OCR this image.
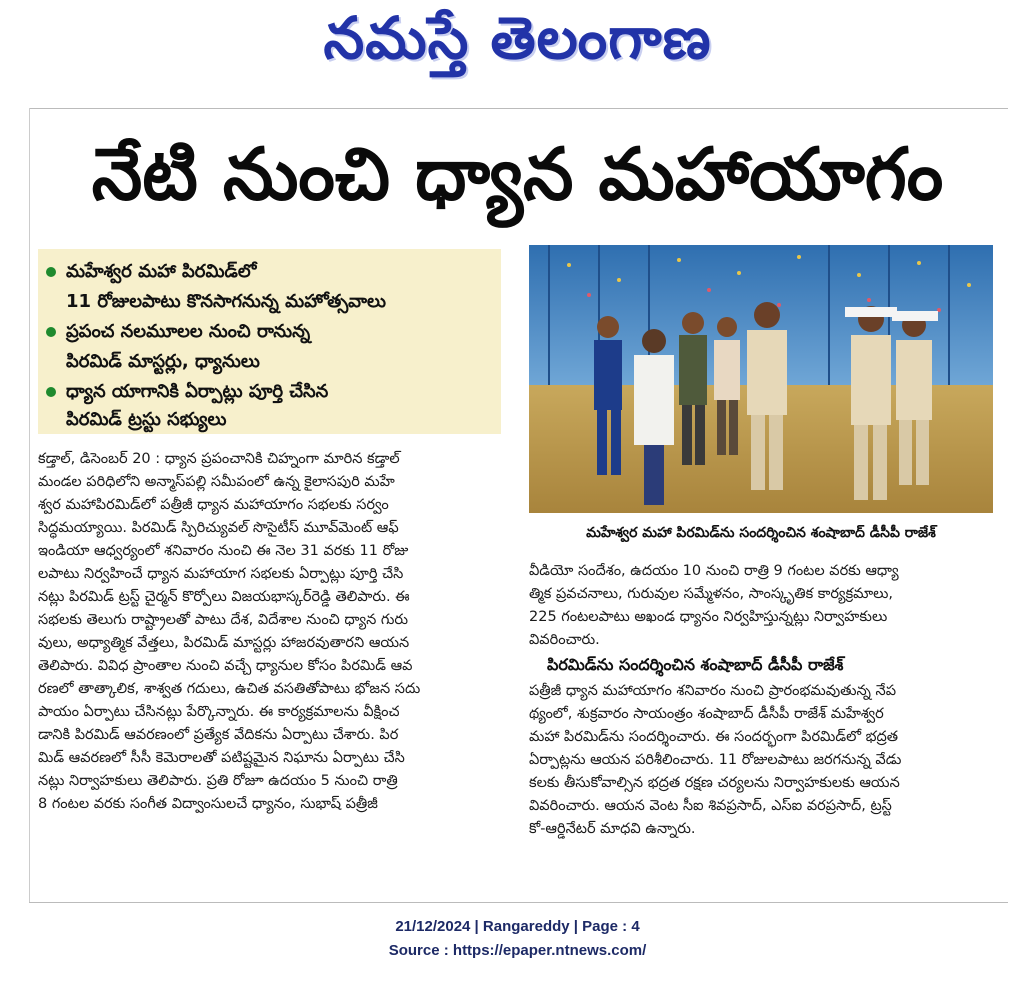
నమస్తే తెలంగాణ
నేటి నుంచి ధ్యాన మహాయాగం
మహేశ్వర మహా పిరమిడ్‌లో
11 రోజులపాటు కొనసాగనున్న మహోత్సవాలు
ప్రపంచ నలమూలల నుంచి రానున్న
పిరమిడ్ మాస్టర్లు, ధ్యానులు
ధ్యాన యాగానికి ఏర్పాట్లు పూర్తి చేసిన
పిరమిడ్ ట్రస్టు సభ్యులు
కడ్తాల్, డిసెంబర్ 20 : ధ్యాన ప్రపంచానికి చిహ్నంగా మారిన కడ్తాల్
మండల పరిధిలోని అన్మాస్‌పల్లి సమీపంలో ఉన్న కైలాసపురి మహే
శ్వర మహాపిరమిడ్‌లో పత్రీజీ ధ్యాన మహాయాగం సభలకు సర్వం
సిద్ధమయ్యాయి. పిరమిడ్ స్పిరిచ్యువల్ సొసైటీస్ మూవ్‌మెంట్ ఆఫ్
ఇండియా ఆధ్వర్యంలో శనివారం నుంచి ఈ నెల 31 వరకు 11 రోజు
లపాటు నిర్వహించే ధ్యాన మహాయాగ సభలకు ఏర్పాట్లు పూర్తి చేసి
నట్లు పిరమిడ్ ట్రస్ట్ చైర్మన్ కొర్పోలు విజయభాస్కర్‌రెడ్డి తెలిపారు. ఈ
సభలకు తెలుగు రాష్ట్రాలతో పాటు దేశ, విదేశాల నుంచి ధ్యాన గురు
వులు, అధ్యాత్మిక వేత్తలు, పిరమిడ్ మాస్టర్లు హాజరవుతారని ఆయన
తెలిపారు. వివిధ ప్రాంతాల నుంచి వచ్చే ధ్యానుల కోసం పిరమిడ్ ఆవ
రణలో తాత్కాలిక, శాశ్వత గదులు, ఉచిత వసతితోపాటు భోజన సదు
పాయం ఏర్పాటు చేసినట్లు పేర్కొన్నారు. ఈ కార్యక్రమాలను వీక్షించ
డానికి పిరమిడ్ ఆవరణంలో ప్రత్యేక వేదికను ఏర్పాటు చేశారు. పిర
మిడ్ ఆవరణలో సీసీ కెమెరాలతో పటిష్టమైన నిఘాను ఏర్పాటు చేసి
నట్లు నిర్వాహకులు తెలిపారు. ప్రతి రోజూ ఉదయం 5 నుంచి రాత్రి
8 గంటల వరకు సంగీత విద్వాంసులచే ధ్యానం, సుభాష్ పత్రీజీ
మహేశ్వర మహా పిరమిడ్‌ను సందర్శించిన శంషాబాద్ డీసీపీ రాజేశ్
వీడియో సందేశం, ఉదయం 10 నుంచి రాత్రి 9 గంటల వరకు ఆధ్యా
త్మిక ప్రవచనాలు, గురువుల సమ్మేళనం, సాంస్కృతిక కార్యక్రమాలు,
225 గంటలపాటు అఖండ ధ్యానం నిర్వహిస్తున్నట్లు నిర్వాహకులు
వివరించారు.
పిరమిడ్‌ను సందర్శించిన శంషాబాద్ డీసీపీ రాజేశ్
పత్రీజీ ధ్యాన మహాయాగం శనివారం నుంచి ప్రారంభమవుతున్న నేప
థ్యంలో, శుక్రవారం సాయంత్రం శంషాబాద్ డీసీపీ రాజేశ్ మహేశ్వర
మహా పిరమిడ్‌ను సందర్శించారు. ఈ సందర్భంగా పిరమిడ్‌లో భద్రత
ఏర్పాట్లను ఆయన పరిశీలించారు. 11 రోజులపాటు జరగనున్న వేడు
కలకు తీసుకోవాల్సిన భద్రత రక్షణ చర్యలను నిర్వాహకులకు ఆయన
వివరించారు. ఆయన వెంట సీఐ శివప్రసాద్, ఎస్ఐ వరప్రసాద్, ట్రస్ట్
కో-ఆర్డినేటర్ మాధవి ఉన్నారు.
21/12/2024 | Rangareddy | Page : 4
Source : https://epaper.ntnews.com/
